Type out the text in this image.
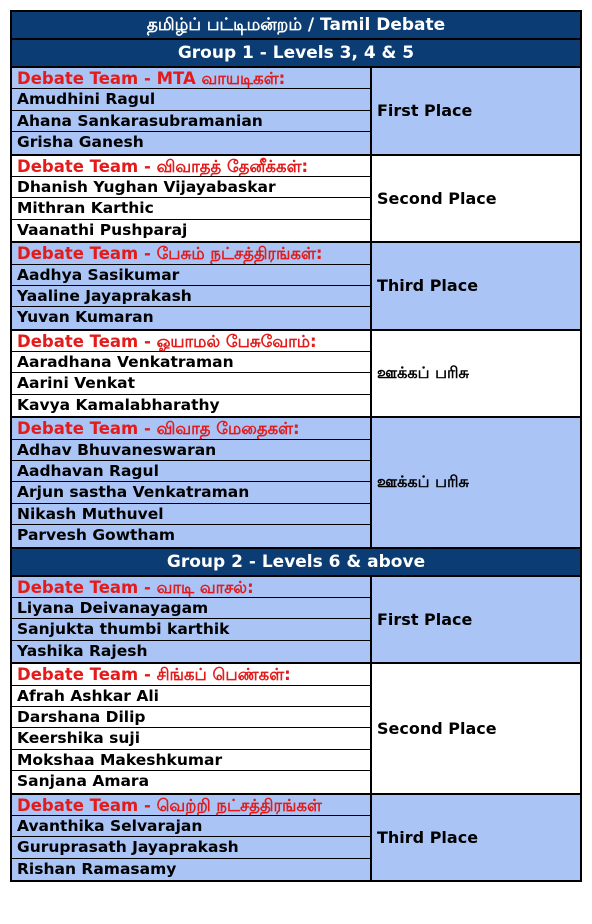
தமிழ்ப் பட்டிமன்றம் / Tamil Debate
Group 1 - Levels 3, 4 & 5
Debate Team - MTA வாயடிகள்:
Amudhini Ragul
Ahana Sankarasubramanian
Grisha Ganesh
First Place
Debate Team - விவாதத் தேனீக்கள்:
Dhanish Yughan Vijayabaskar
Mithran Karthic
Vaanathi Pushparaj
Second Place
Debate Team - பேசும் நட்சத்திரங்கள்:
Aadhya Sasikumar
Yaaline Jayaprakash
Yuvan Kumaran
Third Place
Debate Team - ஓயாமல் பேசுவோம்:
Aaradhana Venkatraman
Aarini Venkat
Kavya Kamalabharathy
ஊக்கப் பரிசு
Debate Team - விவாத மேதைகள்:
Adhav Bhuvaneswaran
Aadhavan Ragul
Arjun sastha Venkatraman
Nikash Muthuvel
Parvesh Gowtham
ஊக்கப் பரிசு
Group 2 - Levels 6 & above
Debate Team - வாடி வாசல்:
Liyana Deivanayagam
Sanjukta thumbi karthik
Yashika Rajesh
First Place
Debate Team - சிங்கப் பெண்கள்:
Afrah Ashkar Ali
Darshana Dilip
Keershika suji
Mokshaa Makeshkumar
Sanjana Amara
Second Place
Debate Team - வெற்றி நட்சத்திரங்கள்
Avanthika Selvarajan
Guruprasath Jayaprakash
Rishan Ramasamy
Third Place
